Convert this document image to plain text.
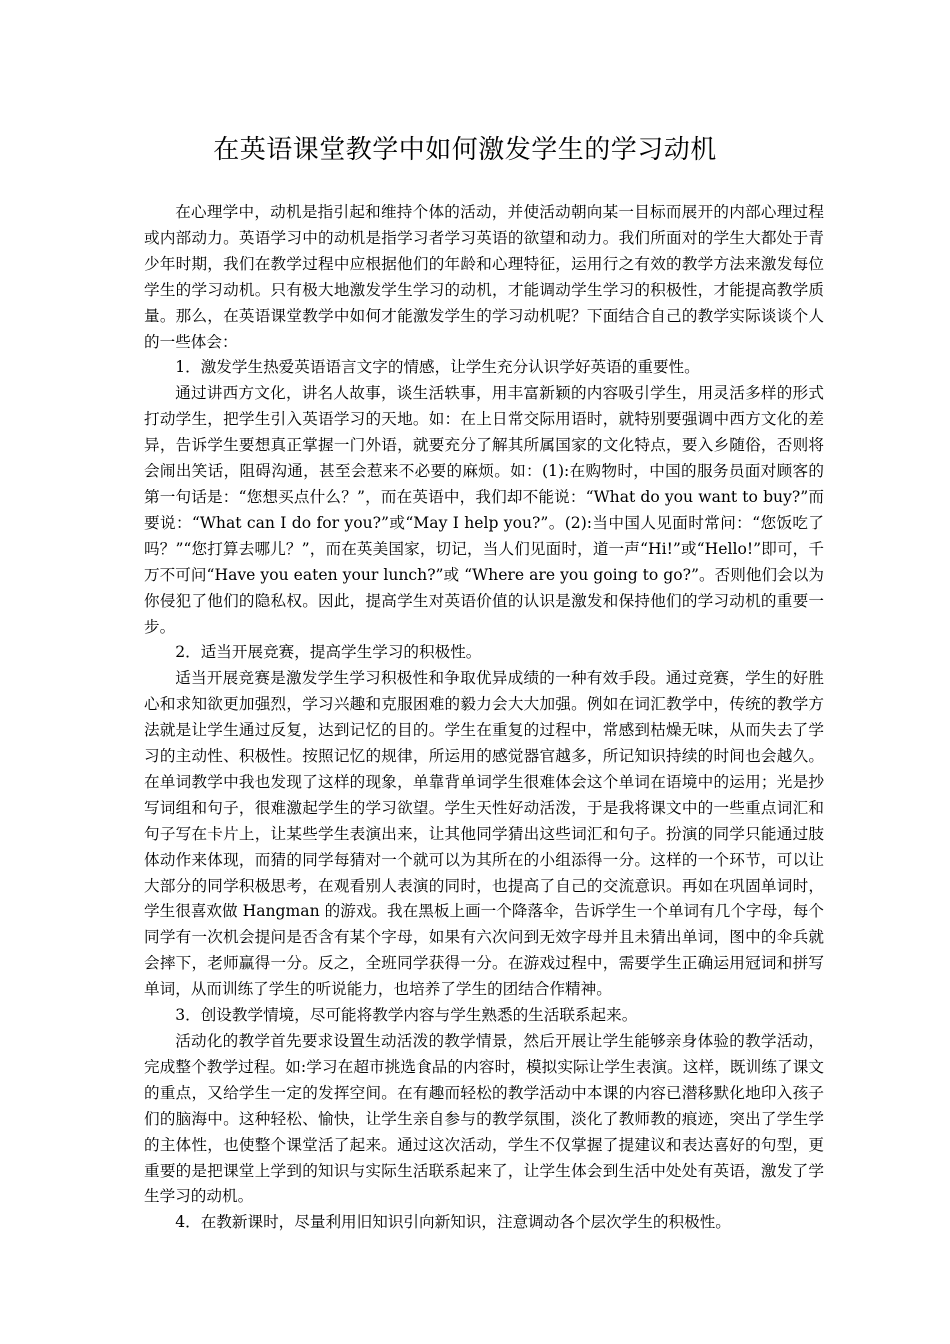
在英语课堂教学中如何激发学生的学习动机

在心理学中，动机是指引起和维持个体的活动，并使活动朝向某一目标而展开的内部心理过程或内部动力。英语学习中的动机是指学习者学习英语的欲望和动力。我们所面对的学生大都处于青少年时期，我们在教学过程中应根据他们的年龄和心理特征，运用行之有效的教学方法来激发每位学生的学习动机。只有极大地激发学生学习的动机，才能调动学生学习的积极性，才能提高教学质量。那么，在英语课堂教学中如何才能激发学生的学习动机呢？下面结合自己的教学实际谈谈个人的一些体会：

1．激发学生热爱英语语言文字的情感，让学生充分认识学好英语的重要性。

通过讲西方文化，讲名人故事，谈生活轶事，用丰富新颖的内容吸引学生，用灵活多样的形式打动学生，把学生引入英语学习的天地。如：在上日常交际用语时，就特别要强调中西方文化的差异，告诉学生要想真正掌握一门外语，就要充分了解其所属国家的文化特点，要入乡随俗，否则将会闹出笑话，阻碍沟通，甚至会惹来不必要的麻烦。如：(1):在购物时，中国的服务员面对顾客的第一句话是：“您想买点什么？”，而在英语中，我们却不能说：“What do you want to buy?”而要说：“What can I do for you?”或“May I help you?”。(2):当中国人见面时常问：“您饭吃了吗？”“您打算去哪儿？”，而在英美国家，切记，当人们见面时，道一声“Hi!”或“Hello!”即可，千万不可问“Have you eaten your lunch?”或 “Where are you going to go?”。否则他们会以为你侵犯了他们的隐私权。因此，提高学生对英语价值的认识是激发和保持他们的学习动机的重要一步。

2．适当开展竞赛，提高学生学习的积极性。

适当开展竞赛是激发学生学习积极性和争取优异成绩的一种有效手段。通过竞赛，学生的好胜心和求知欲更加强烈，学习兴趣和克服困难的毅力会大大加强。例如在词汇教学中，传统的教学方法就是让学生通过反复，达到记忆的目的。学生在重复的过程中，常感到枯燥无味，从而失去了学习的主动性、积极性。按照记忆的规律，所运用的感觉器官越多，所记知识持续的时间也会越久。在单词教学中我也发现了这样的现象，单靠背单词学生很难体会这个单词在语境中的运用；光是抄写词组和句子，很难激起学生的学习欲望。学生天性好动活泼，于是我将课文中的一些重点词汇和句子写在卡片上，让某些学生表演出来，让其他同学猜出这些词汇和句子。扮演的同学只能通过肢体动作来体现，而猜的同学每猜对一个就可以为其所在的小组添得一分。这样的一个环节，可以让大部分的同学积极思考，在观看别人表演的同时，也提高了自己的交流意识。再如在巩固单词时，学生很喜欢做 Hangman 的游戏。我在黑板上画一个降落伞，告诉学生一个单词有几个字母，每个同学有一次机会提问是否含有某个字母，如果有六次问到无效字母并且未猜出单词，图中的伞兵就会摔下，老师赢得一分。反之，全班同学获得一分。在游戏过程中，需要学生正确运用冠词和拼写单词，从而训练了学生的听说能力，也培养了学生的团结合作精神。

3．创设教学情境，尽可能将教学内容与学生熟悉的生活联系起来。

活动化的教学首先要求设置生动活泼的教学情景，然后开展让学生能够亲身体验的教学活动，完成整个教学过程。如:学习在超市挑选食品的内容时，模拟实际让学生表演。这样，既训练了课文的重点，又给学生一定的发挥空间。在有趣而轻松的教学活动中本课的内容已潜移默化地印入孩子们的脑海中。这种轻松、愉快，让学生亲自参与的教学氛围，淡化了教师教的痕迹，突出了学生学的主体性，也使整个课堂活了起来。通过这次活动，学生不仅掌握了提建议和表达喜好的句型，更重要的是把课堂上学到的知识与实际生活联系起来了，让学生体会到生活中处处有英语，激发了学生学习的动机。

4．在教新课时，尽量利用旧知识引向新知识，注意调动各个层次学生的积极性。
